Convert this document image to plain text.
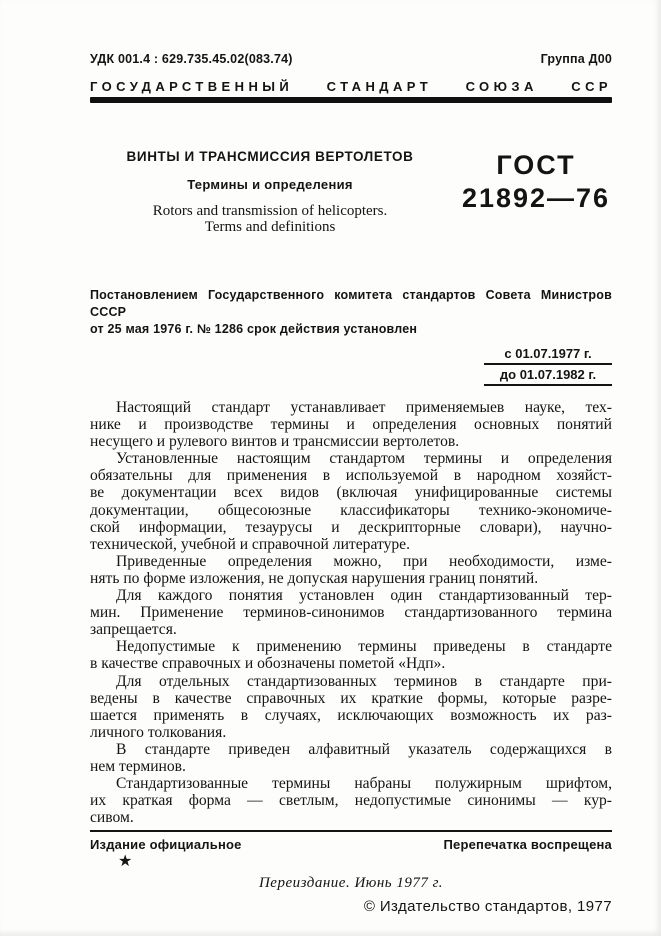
УДК 001.4 : 629.735.45.02(083.74)	Группа Д00
ГОСУДАРСТВЕННЫЙ	СТАНДАРТ	СОЮЗА	ССР
ВИНТЫ И ТРАНСМИССИЯ ВЕРТОЛЕТОВ
Термины и определения
Rotors and transmission of helicopters.
Terms and definitions
ГОСТ
21892—76
Постановлением Государственного комитета стандартов Совета Министров СССР
от 25 мая 1976 г. № 1286 срок действия установлен
с 01.07.1977 г.
до 01.07.1982 г.
Настоящий стандарт устанавливает применяемыев науке, тех-
нике и производстве термины и определения основных понятий
несущего и рулевого винтов и трансмиссии вертолетов.
Установленные настоящим стандартом термины и определения
обязательны для применения в используемой в народном хозяйст-
ве документации всех видов (включая унифицированные системы
документации, общесоюзные классификаторы технико-экономиче-
ской информации, тезаурусы и дескрипторные словари), научно-
технической, учебной и справочной литературе.
Приведенные определения можно, при необходимости, изме-
нять по форме изложения, не допуская нарушения границ понятий.
Для каждого понятия установлен один стандартизованный тер-
мин. Применение терминов-синонимов стандартизованного термина
запрещается.
Недопустимые к применению термины приведены в стандарте
в качестве справочных и обозначены пометой «Ндп».
Для отдельных стандартизованных терминов в стандарте при-
ведены в качестве справочных их краткие формы, которые разре-
шается применять в случаях, исключающих возможность их раз-
личного толкования.
В стандарте приведен алфавитный указатель содержащихся в
нем терминов.
Стандартизованные термины набраны полужирным шрифтом,
их краткая форма — светлым, недопустимые синонимы — кур-
сивом.
Издание официальное	Перепечатка воспрещена
★
Переиздание. Июнь 1977 г.
© Издательство стандартов, 1977
